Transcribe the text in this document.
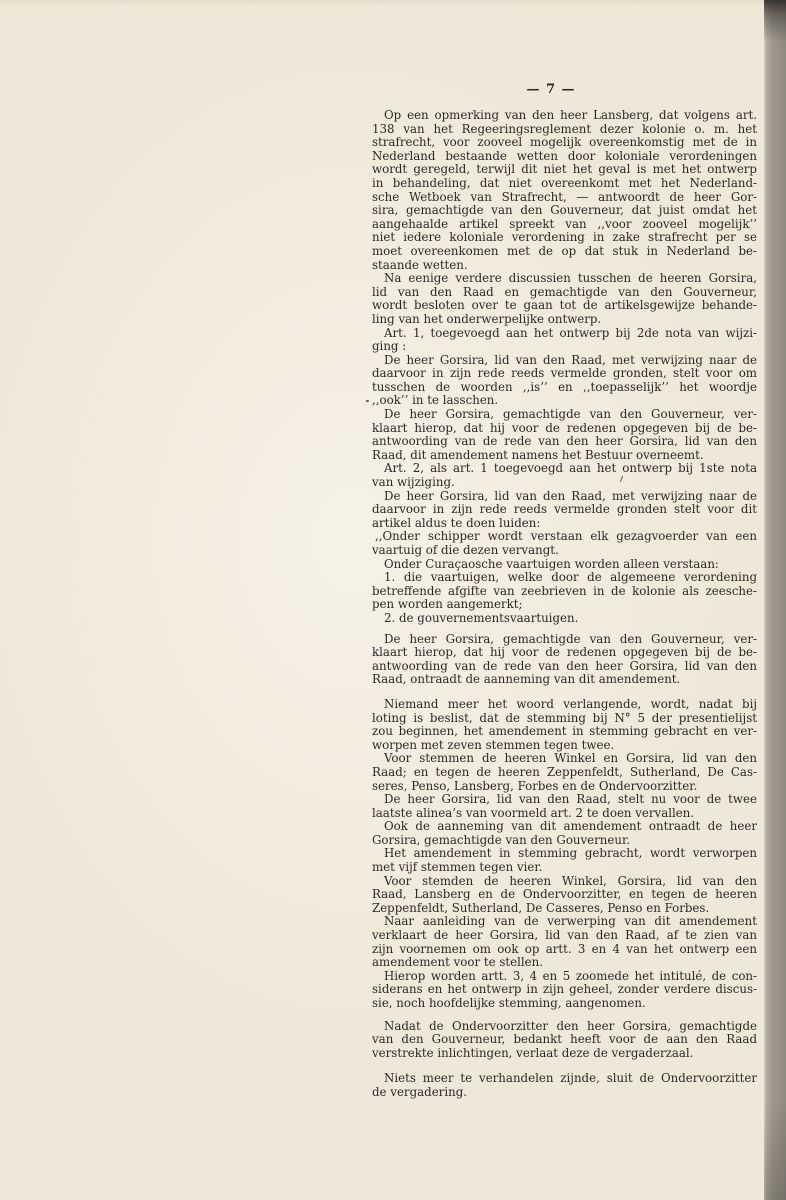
— 7 —
Op een opmerking van den heer Lansberg, dat volgens art.
138 van het Regeeringsreglement dezer kolonie o. m. het
strafrecht, voor zooveel mogelijk overeenkomstig met de in
Nederland bestaande wetten door koloniale verordeningen
wordt geregeld, terwijl dit niet het geval is met het ontwerp
in behandeling, dat niet overeenkomt met het Nederland-
sche Wetboek van Strafrecht, — antwoordt de heer Gor-
sira, gemachtigde van den Gouverneur, dat juist omdat het
aangehaalde artikel spreekt van ,,voor zooveel mogelijk’’
niet iedere koloniale verordening in zake strafrecht per se
moet overeenkomen met de op dat stuk in Nederland be-
staande wetten.
Na eenige verdere discussien tusschen de heeren Gorsira,
lid van den Raad en gemachtigde van den Gouverneur,
wordt besloten over te gaan tot de artikelsgewijze behande-
ling van het onderwerpelijke ontwerp.
Art. 1, toegevoegd aan het ontwerp bij 2de nota van wijzi-
ging :
De heer Gorsira, lid van den Raad, met verwijzing naar de
daarvoor in zijn rede reeds vermelde gronden, stelt voor om
tusschen de woorden ,,is’’ en ,,toepasselijk’’ het woordje
,,ook’’ in te lasschen.
De heer Gorsira, gemachtigde van den Gouverneur, ver-
klaart hierop, dat hij voor de redenen opgegeven bij de be-
antwoording van de rede van den heer Gorsira, lid van den
Raad, dit amendement namens het Bestuur overneemt.
Art. 2, als art. 1 toegevoegd aan het ontwerp bij 1ste nota
van wijziging.
De heer Gorsira, lid van den Raad, met verwijzing naar de
daarvoor in zijn rede reeds vermelde gronden stelt voor dit
artikel aldus te doen luiden:
,,Onder schipper wordt verstaan elk gezagvoerder van een
vaartuig of die dezen vervangt.
Onder Curaçaosche vaartuigen worden alleen verstaan:
1. die vaartuigen, welke door de algemeene verordening
betreffende afgifte van zeebrieven in de kolonie als zeesche-
pen worden aangemerkt;
2. de gouvernementsvaartuigen.
De heer Gorsira, gemachtigde van den Gouverneur, ver-
klaart hierop, dat hij voor de redenen opgegeven bij de be-
antwoording van de rede van den heer Gorsira, lid van den
Raad, ontraadt de aanneming van dit amendement.
Niemand meer het woord verlangende, wordt, nadat bij
loting is beslist, dat de stemming bij N° 5 der presentielijst
zou beginnen, het amendement in stemming gebracht en ver-
worpen met zeven stemmen tegen twee.
Voor stemmen de heeren Winkel en Gorsira, lid van den
Raad; en tegen de heeren Zeppenfeldt, Sutherland, De Cas-
seres, Penso, Lansberg, Forbes en de Ondervoorzitter.
De heer Gorsira, lid van den Raad, stelt nu voor de twee
laatste alinea’s van voormeld art. 2 te doen vervallen.
Ook de aanneming van dit amendement ontraadt de heer
Gorsira, gemachtigde van den Gouverneur.
Het amendement in stemming gebracht, wordt verworpen
met vijf stemmen tegen vier.
Voor stemden de heeren Winkel, Gorsira, lid van den
Raad, Lansberg en de Ondervoorzitter, en tegen de heeren
Zeppenfeldt, Sutherland, De Casseres, Penso en Forbes.
Naar aanleiding van de verwerping van dit amendement
verklaart de heer Gorsira, lid van den Raad, af te zien van
zijn voornemen om ook op artt. 3 en 4 van het ontwerp een
amendement voor te stellen.
Hierop worden artt. 3, 4 en 5 zoomede het intitulé, de con-
siderans en het ontwerp in zijn geheel, zonder verdere discus-
sie, noch hoofdelijke stemming, aangenomen.
Nadat de Ondervoorzitter den heer Gorsira, gemachtigde
van den Gouverneur, bedankt heeft voor de aan den Raad
verstrekte inlichtingen, verlaat deze de vergaderzaal.
Niets meer te verhandelen zijnde, sluit de Ondervoorzitter
de vergadering.
